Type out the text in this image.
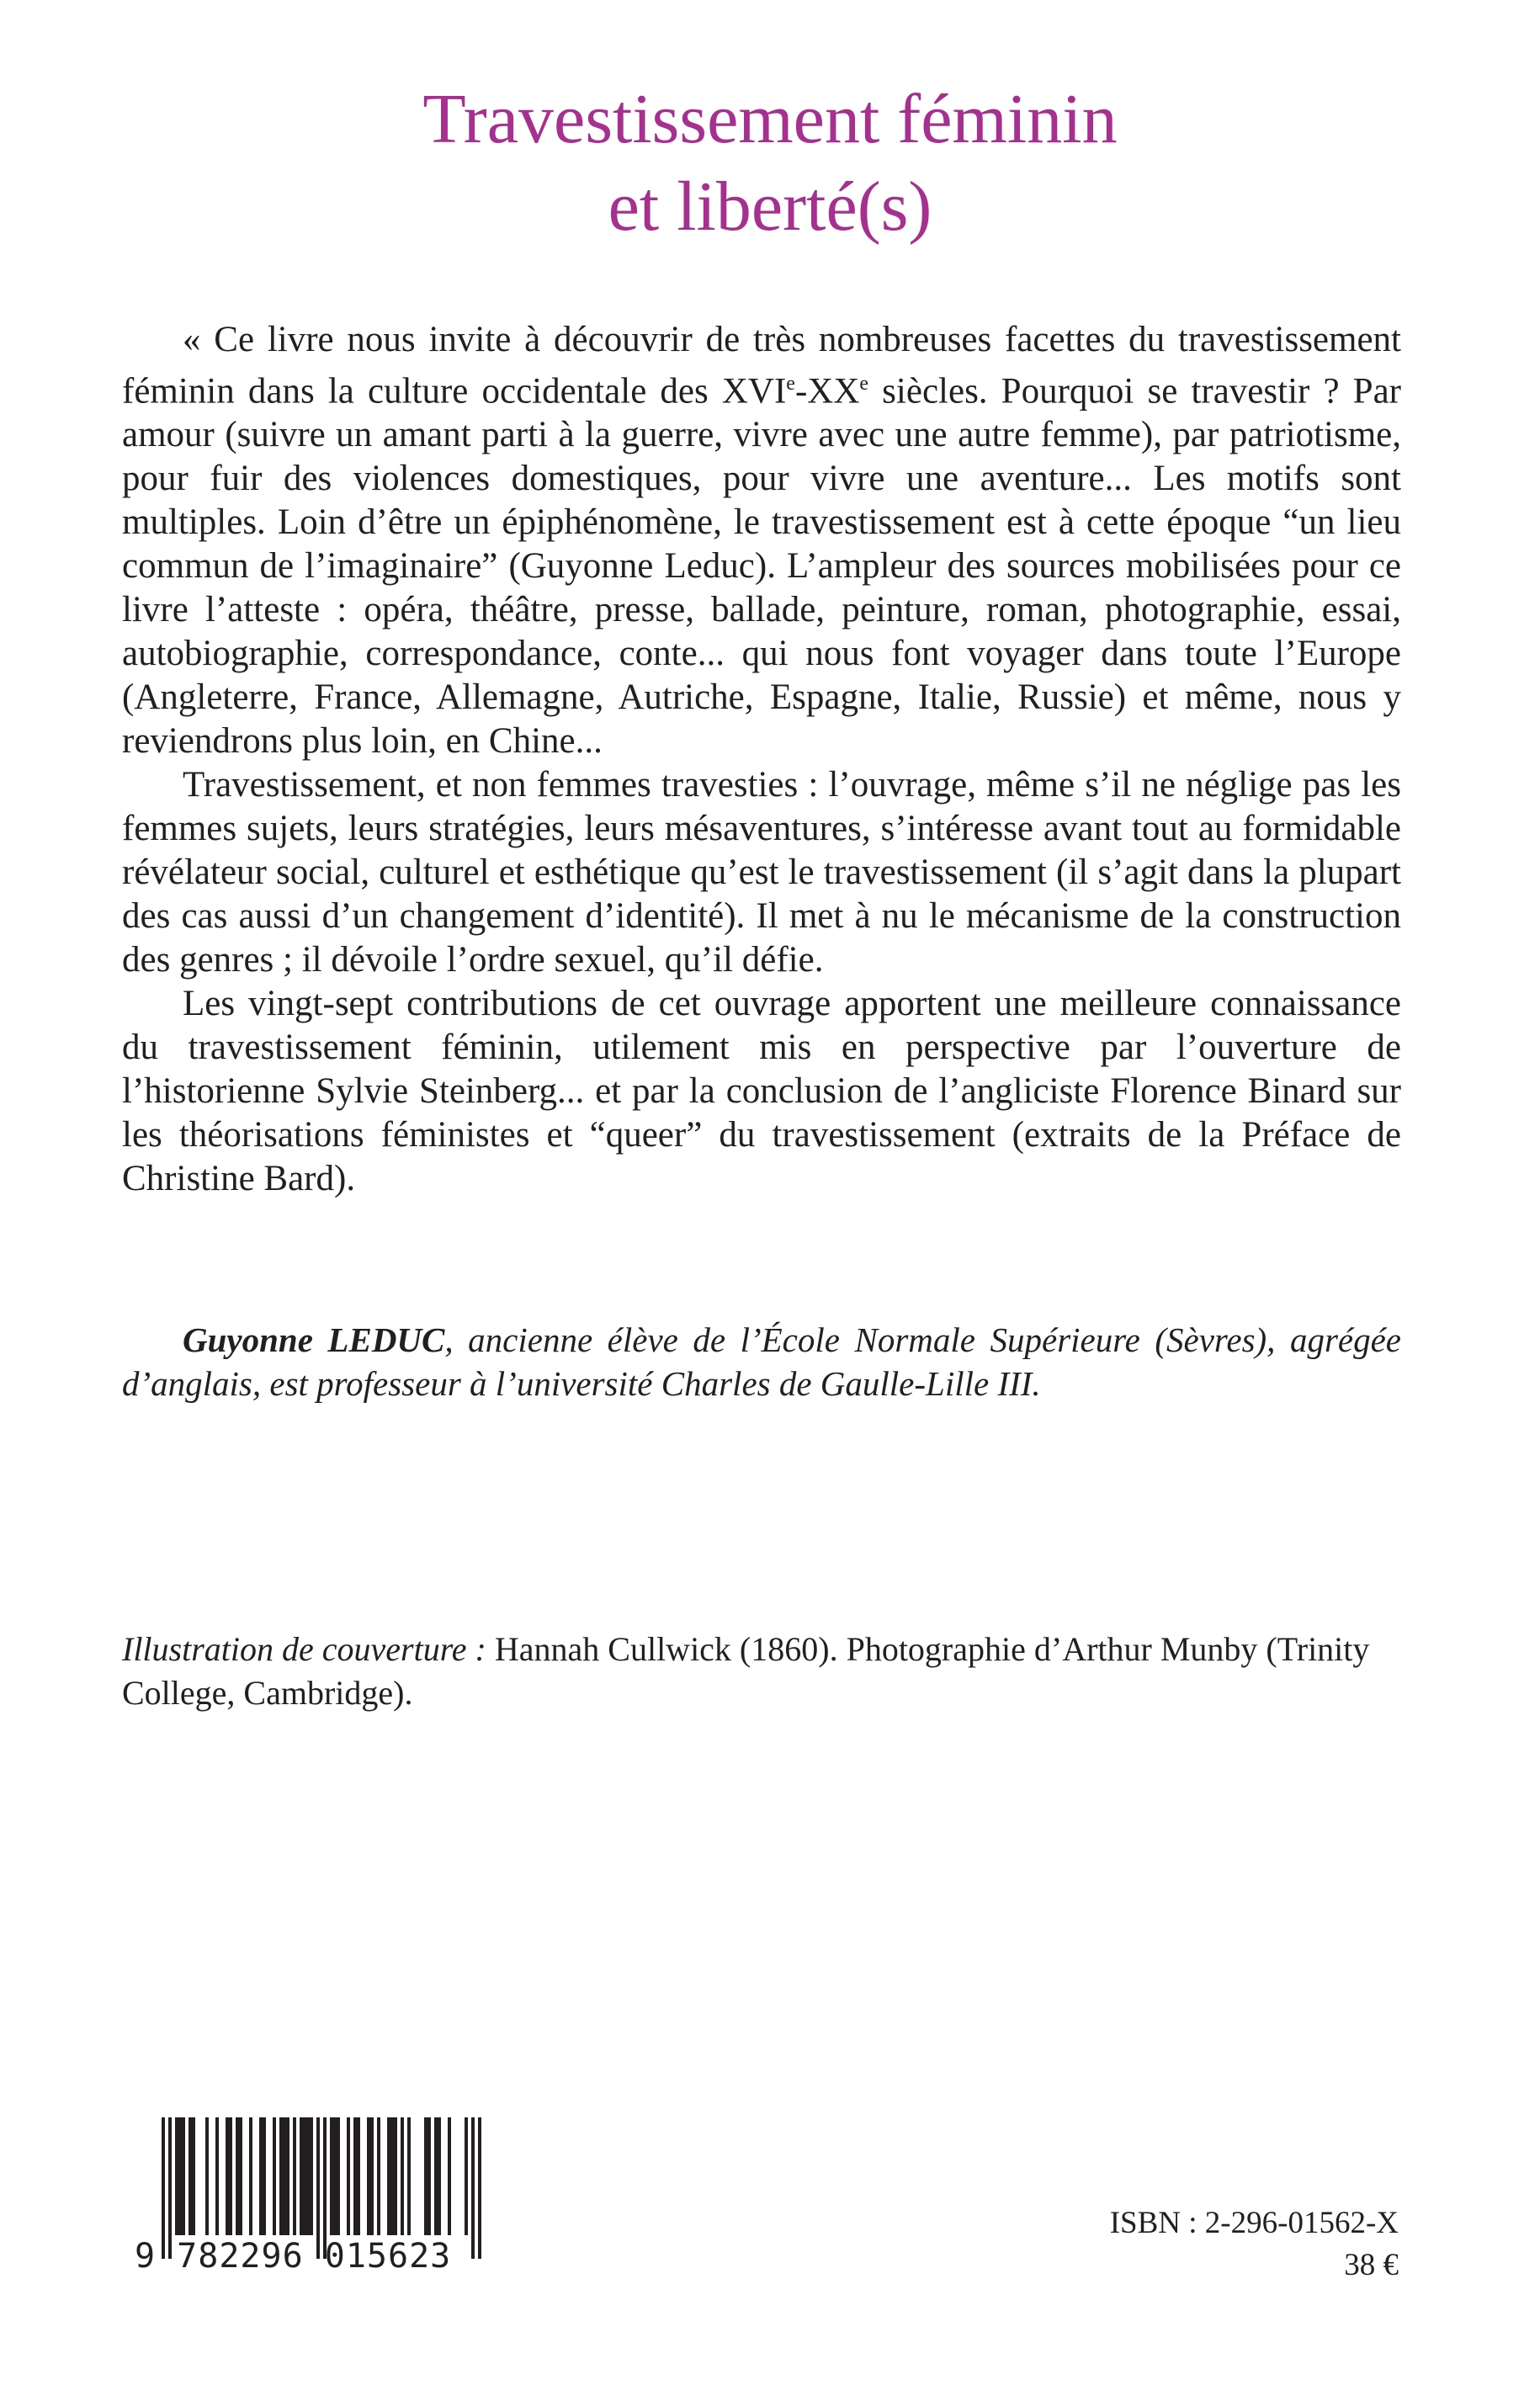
Travestissement féminin
et liberté(s)

« Ce livre nous invite à découvrir de très nombreuses facettes du travestissement féminin dans la culture occidentale des XVIe-XXe siècles. Pourquoi se travestir ? Par amour (suivre un amant parti à la guerre, vivre avec une autre femme), par patriotisme, pour fuir des violences domestiques, pour vivre une aventure... Les motifs sont multiples. Loin d’être un épiphénomène, le travestissement est à cette époque “un lieu commun de l’imaginaire” (Guyonne Leduc). L’ampleur des sources mobilisées pour ce livre l’atteste : opéra, théâtre, presse, ballade, peinture, roman, photographie, essai, autobiographie, correspondance, conte... qui nous font voyager dans toute l’Europe (Angleterre, France, Allemagne, Autriche, Espagne, Italie, Russie) et même, nous y reviendrons plus loin, en Chine...

Travestissement, et non femmes travesties : l’ouvrage, même s’il ne néglige pas les femmes sujets, leurs stratégies, leurs mésaventures, s’intéresse avant tout au formidable révélateur social, culturel et esthétique qu’est le travestissement (il s’agit dans la plupart des cas aussi d’un changement d’identité). Il met à nu le mécanisme de la construction des genres ; il dévoile l’ordre sexuel, qu’il défie.

Les vingt-sept contributions de cet ouvrage apportent une meilleure connaissance du travestissement féminin, utilement mis en perspective par l’ouverture de l’historienne Sylvie Steinberg... et par la conclusion de l’angliciste Florence Binard sur les théorisations féministes et “queer” du travestissement (extraits de la Préface de Christine Bard).

Guyonne LEDUC, ancienne élève de l’École Normale Supérieure (Sèvres), agrégée d’anglais, est professeur à l’université Charles de Gaulle-Lille III.
Illustration de couverture : Hannah Cullwick (1860). Photographie d’Arthur Munby (Trinity College, Cambridge).
9 782296 015623
ISBN : 2-296-01562-X
38 €
